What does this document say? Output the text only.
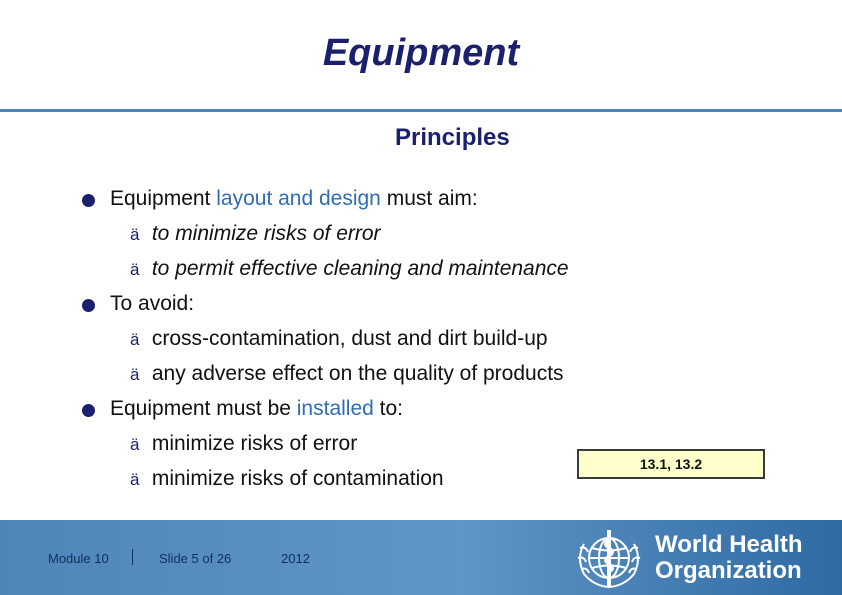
Equipment
Principles
Equipment layout and design must aim:
ä to minimize risks of error
ä to permit effective cleaning and maintenance
To avoid:
ä cross-contamination, dust and dirt build-up
ä any adverse effect on the quality of products
Equipment must be installed to:
ä minimize risks of error
ä minimize risks of contamination
13.1, 13.2
Module 10	Slide 5 of 26	2012
World Health
Organization
